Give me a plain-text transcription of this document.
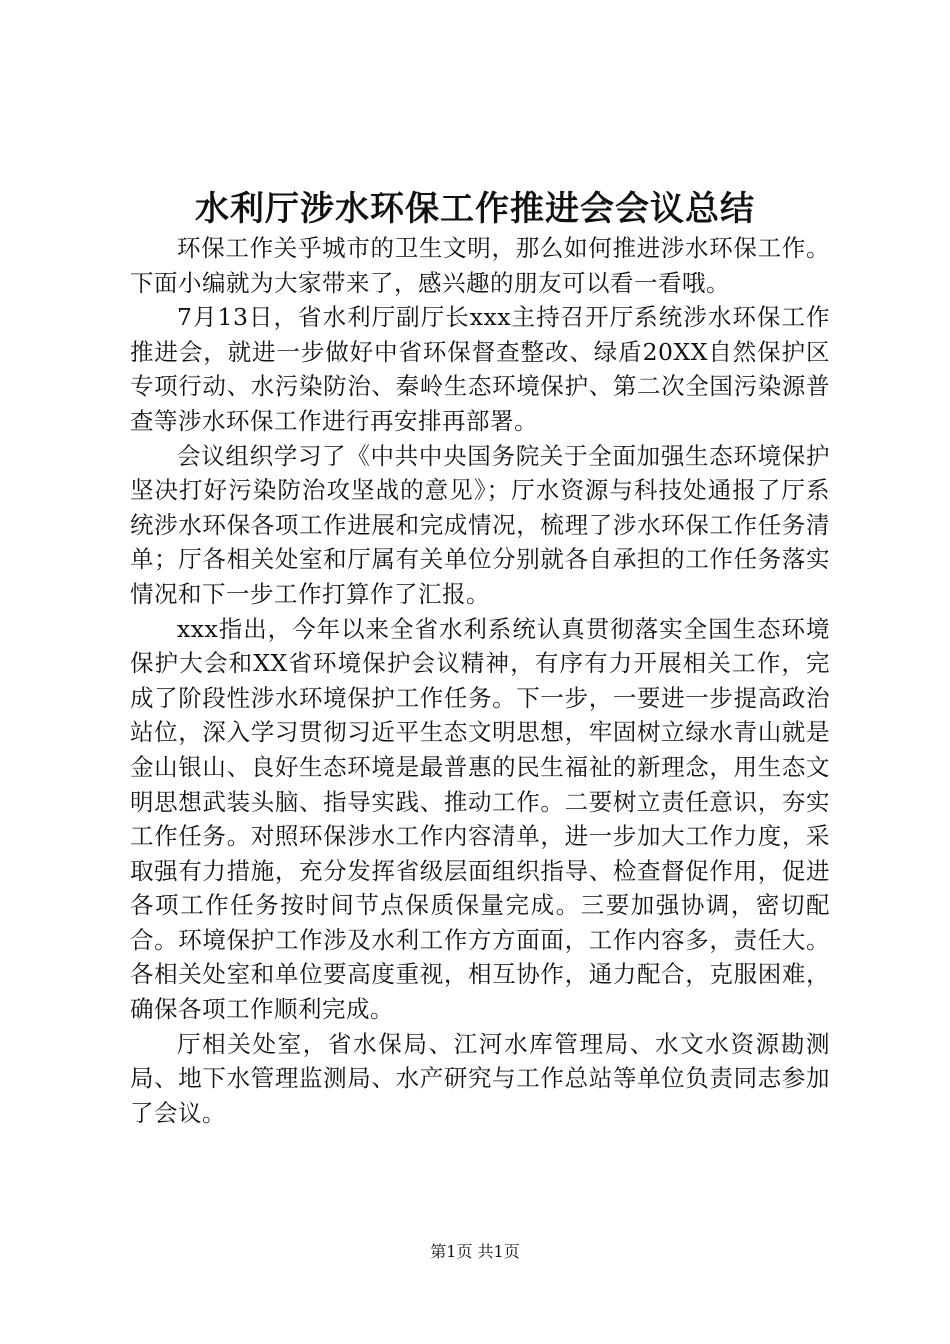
水利厅涉水环保工作推进会会议总结

环保工作关乎城市的卫生文明，那么如何推进涉水环保工作。下面小编就为大家带来了，感兴趣的朋友可以看一看哦。

7月13日，省水利厅副厅长xxx主持召开厅系统涉水环保工作推进会，就进一步做好中省环保督查整改、绿盾20XX自然保护区专项行动、水污染防治、秦岭生态环境保护、第二次全国污染源普查等涉水环保工作进行再安排再部署。

会议组织学习了《中共中央国务院关于全面加强生态环境保护坚决打好污染防治攻坚战的意见》；厅水资源与科技处通报了厅系统涉水环保各项工作进展和完成情况，梳理了涉水环保工作任务清单；厅各相关处室和厅属有关单位分别就各自承担的工作任务落实情况和下一步工作打算作了汇报。

xxx指出，今年以来全省水利系统认真贯彻落实全国生态环境保护大会和XX省环境保护会议精神，有序有力开展相关工作，完成了阶段性涉水环境保护工作任务。下一步，一要进一步提高政治站位，深入学习贯彻习近平生态文明思想，牢固树立绿水青山就是金山银山、良好生态环境是最普惠的民生福祉的新理念，用生态文明思想武装头脑、指导实践、推动工作。二要树立责任意识，夯实工作任务。对照环保涉水工作内容清单，进一步加大工作力度，采取强有力措施，充分发挥省级层面组织指导、检查督促作用，促进各项工作任务按时间节点保质保量完成。三要加强协调，密切配合。环境保护工作涉及水利工作方方面面，工作内容多，责任大。各相关处室和单位要高度重视，相互协作，通力配合，克服困难，确保各项工作顺利完成。

厅相关处室，省水保局、江河水库管理局、水文水资源勘测局、地下水管理监测局、水产研究与工作总站等单位负责同志参加了会议。

第1页 共1页
